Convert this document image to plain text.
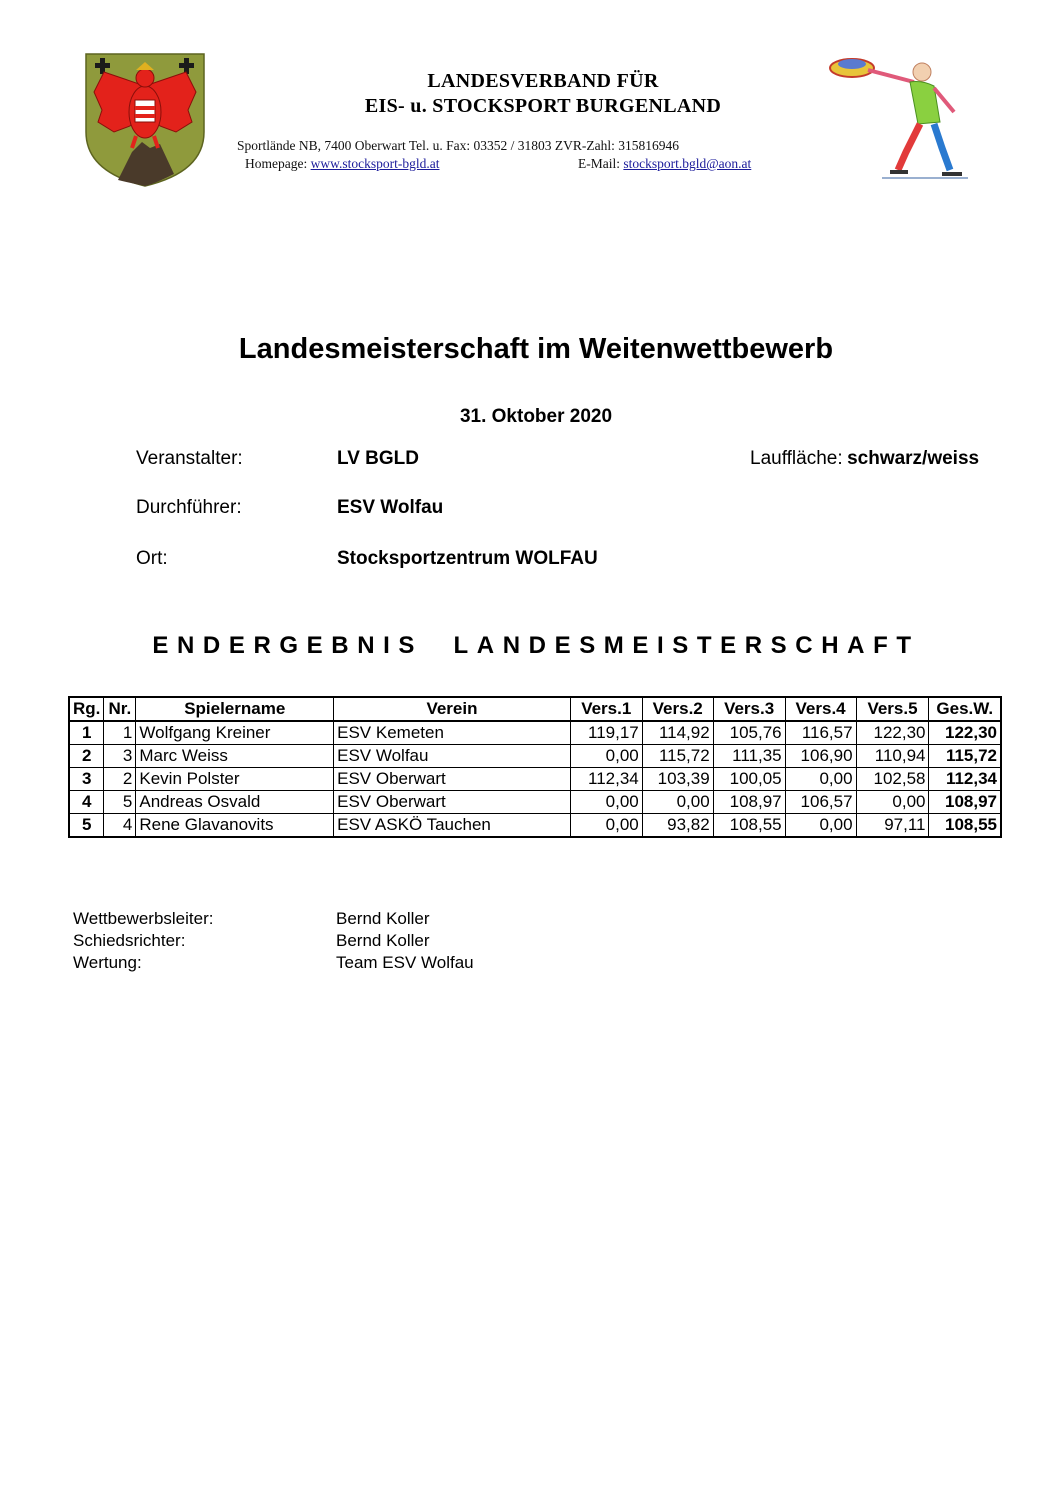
LANDESVERBAND FÜR
EIS- u. STOCKSPORT BURGENLAND
Sportlände NB, 7400 Oberwart Tel. u. Fax: 03352 / 31803 ZVR-Zahl: 315816946
Homepage: www.stocksport-bgld.at	E-Mail: stocksport.bgld@aon.at
Landesmeisterschaft im Weitenwettbewerb
31. Oktober 2020
Veranstalter:	LV BGLD	Lauffläche: schwarz/weiss
Durchführer:	ESV Wolfau
Ort:	Stocksportzentrum WOLFAU
ENDERGEBNIS  LANDESMEISTERSCHAFT
Rg.	Nr.	Spielername	Verein	Vers.1	Vers.2	Vers.3	Vers.4	Vers.5	Ges.W.
1	1	Wolfgang Kreiner	ESV Kemeten	119,17	114,92	105,76	116,57	122,30	122,30
2	3	Marc Weiss	ESV Wolfau	0,00	115,72	111,35	106,90	110,94	115,72
3	2	Kevin Polster	ESV Oberwart	112,34	103,39	100,05	0,00	102,58	112,34
4	5	Andreas Osvald	ESV Oberwart	0,00	0,00	108,97	106,57	0,00	108,97
5	4	Rene Glavanovits	ESV ASKÖ Tauchen	0,00	93,82	108,55	0,00	97,11	108,55
Wettbewerbsleiter:	Bernd Koller
Schiedsrichter:	Bernd Koller
Wertung:	Team ESV Wolfau
